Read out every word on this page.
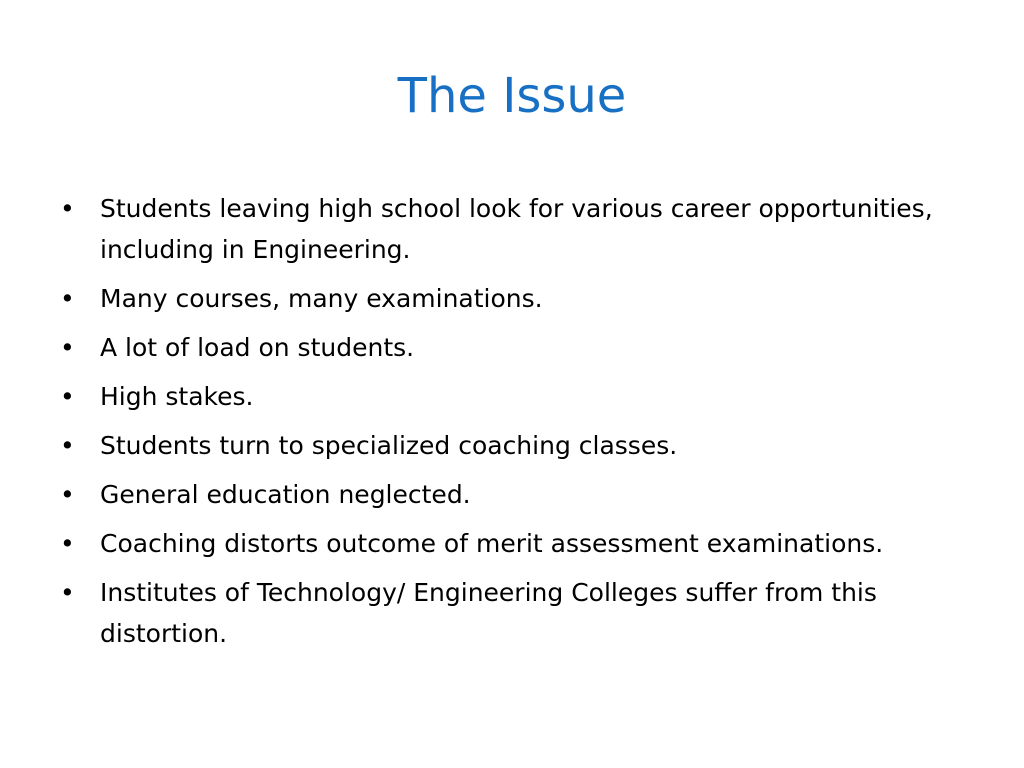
The Issue
•	Students leaving high school look for various career opportunities, including in Engineering.
•	Many courses, many examinations.
•	A lot of load on students.
•	High stakes.
•	Students turn to specialized coaching classes.
•	General education neglected.
•	Coaching distorts outcome of merit assessment examinations.
•	Institutes of Technology/ Engineering Colleges suffer from this distortion.
